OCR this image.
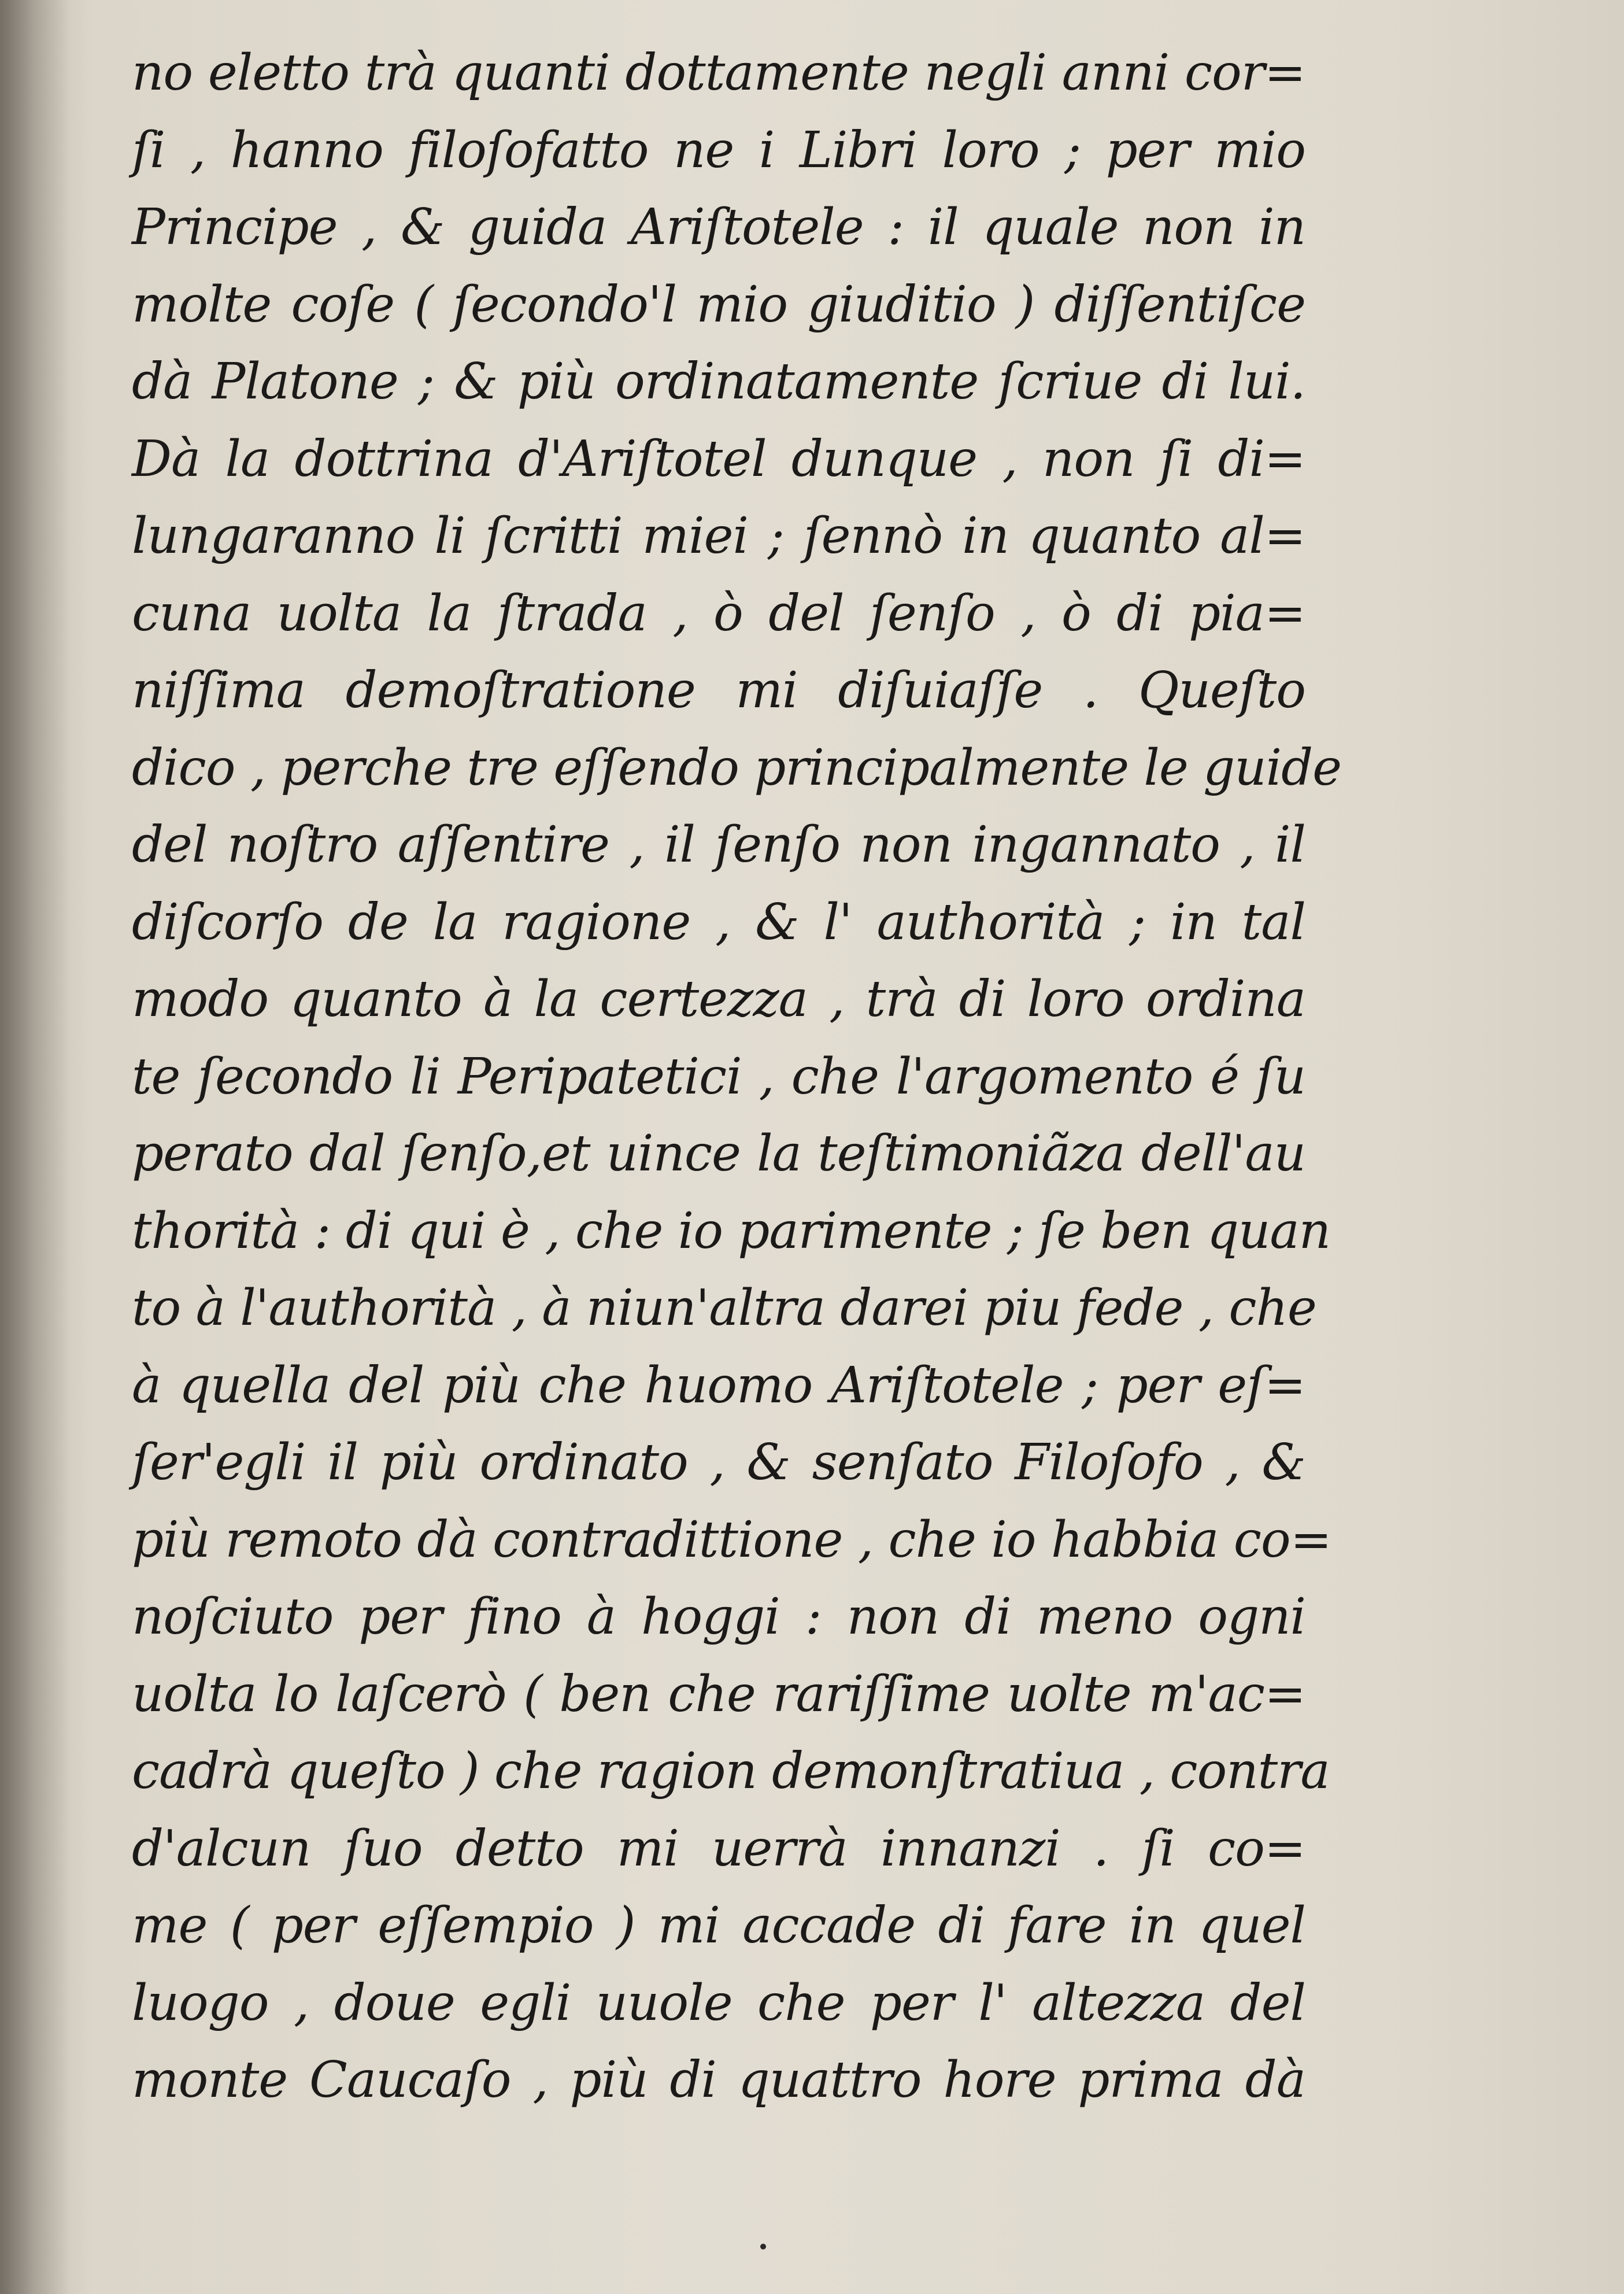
no eletto trà quanti dottamente negli anni cor=
ſi , hanno filoſofatto ne i Libri loro ; per mio
Principe , & guida Ariſtotele : il quale non in
molte coſe ( ſecondo'l mio giuditio ) diſſentiſce
dà Platone ; & più ordinatamente ſcriue di lui.
Dà la dottrina d'Ariſtotel dunque , non ſi di=
lungaranno li ſcritti miei ; ſennò in quanto al=
cuna uolta la ſtrada , ò del ſenſo , ò di pia=
niſſima demoſtratione mi diſuiaſſe . Queſto
dico , perche tre eſſendo principalmente le guide
del noſtro aſſentire , il ſenſo non ingannato , il
diſcorſo de la ragione , & l' authorità ; in tal
modo quanto à la certezza , trà di loro ordina
te ſecondo li Peripatetici , che l'argomento é ſu
perato dal ſenſo,et uince la teſtimoniãza dell'au
thorità : di qui è , che io parimente ; ſe ben quan
to à l'authorità , à niun'altra darei piu fede , che
à quella del più che huomo Ariſtotele ; per eſ=
ſer'egli il più ordinato , & senſato Filoſofo , &
più remoto dà contradittione , che io habbia co=
noſciuto per fino à hoggi : non di meno ogni
uolta lo laſcerò ( ben che rariſſime uolte m'ac=
cadrà queſto ) che ragion demonſtratiua , contra
d'alcun ſuo detto mi uerrà innanzi . ſi co=
me ( per eſſempio ) mi accade di fare in quel
luogo , doue egli uuole che per l' altezza del
monte Caucaſo , più di quattro hore prima dà
